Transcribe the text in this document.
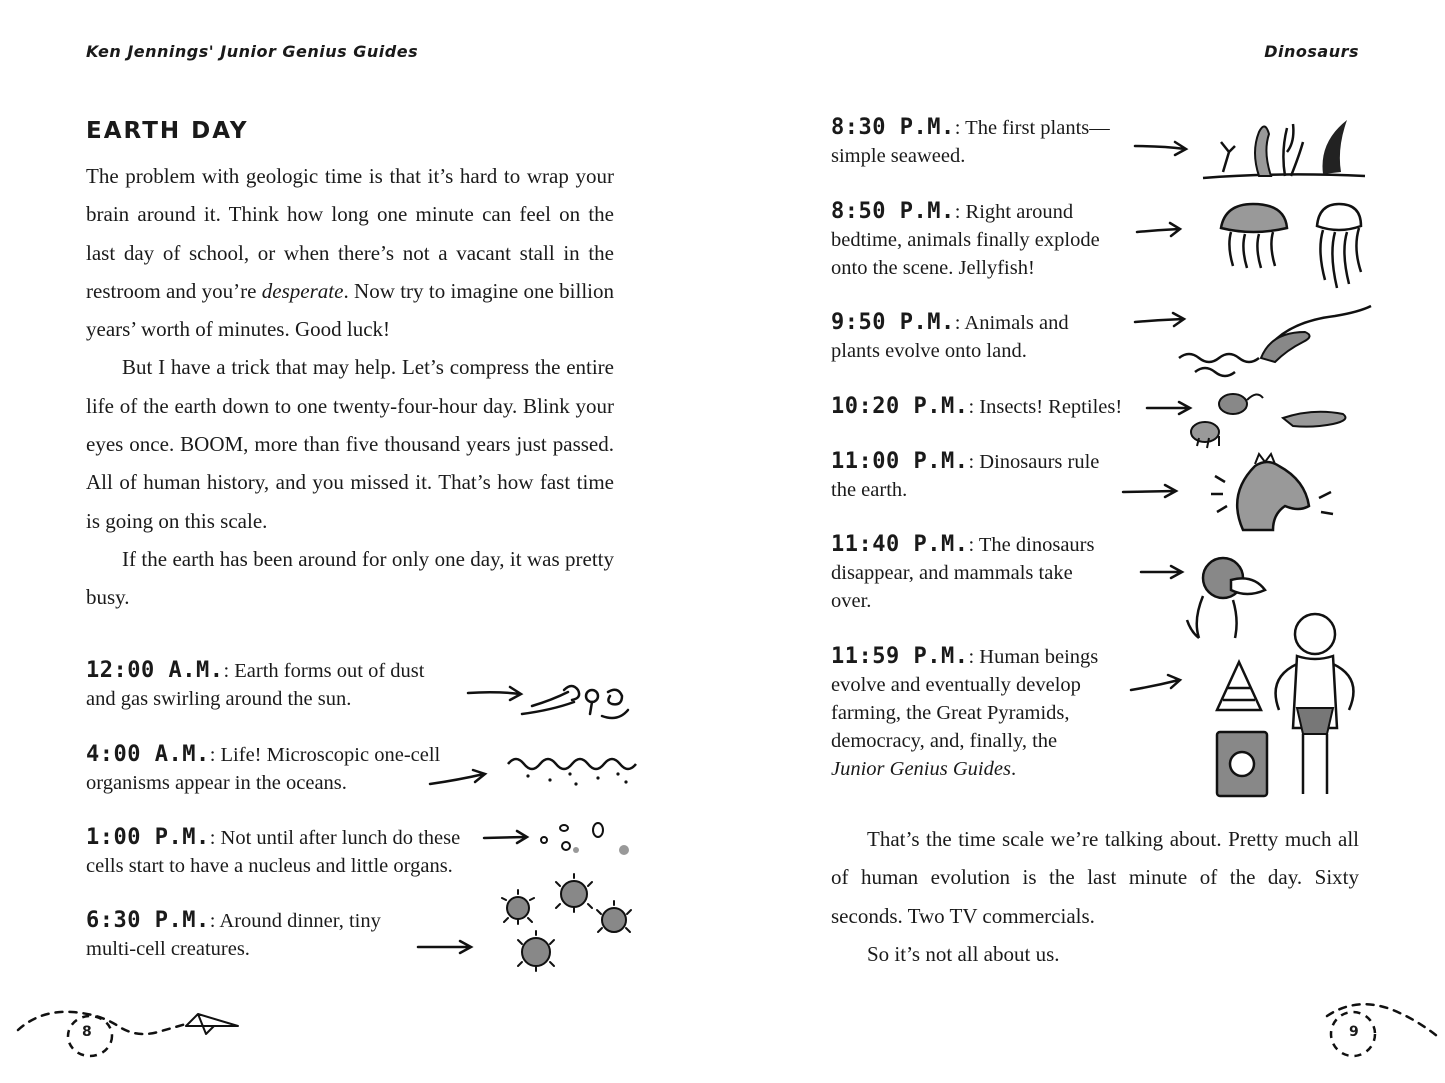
Ken Jennings' Junior Genius Guides
EARTH DAY

The problem with geologic time is that it’s hard to wrap your brain around it. Think how long one minute can feel on the last day of school, or when there’s not a vacant stall in the restroom and you’re desperate. Now try to imagine one billion years’ worth of minutes. Good luck!

But I have a trick that may help. Let’s compress the entire life of the earth down to one twenty-four-hour day. Blink your eyes once. BOOM, more than five thousand years just passed. All of human history, and you missed it. That’s how fast time is going on this scale.

If the earth has been around for only one day, it was pretty busy.

12:00 A.M.: Earth forms out of dust
and gas swirling around the sun.
4:00 A.M.: Life! Microscopic one-cell
organisms appear in the oceans.
1:00 P.M.: Not until after lunch do these
cells start to have a nucleus and little organs.
6:30 P.M.: Around dinner, tiny
multi-cell creatures.
8
Dinosaurs
8:30 P.M.: The first plants—
simple seaweed.
8:50 P.M.: Right around
bedtime, animals finally explode
onto the scene. Jellyfish!
9:50 P.M.: Animals and
plants evolve onto land.
10:20 P.M.: Insects! Reptiles!
11:00 P.M.: Dinosaurs rule
the earth.
11:40 P.M.: The dinosaurs
disappear, and mammals take
over.
11:59 P.M.: Human beings
evolve and eventually develop
farming, the Great Pyramids,
democracy, and, finally, the
Junior Genius Guides.

That’s the time scale we’re talking about. Pretty much all of human evolution is the last minute of the day. Sixty seconds. Two TV commercials.

So it’s not all about us.

9
